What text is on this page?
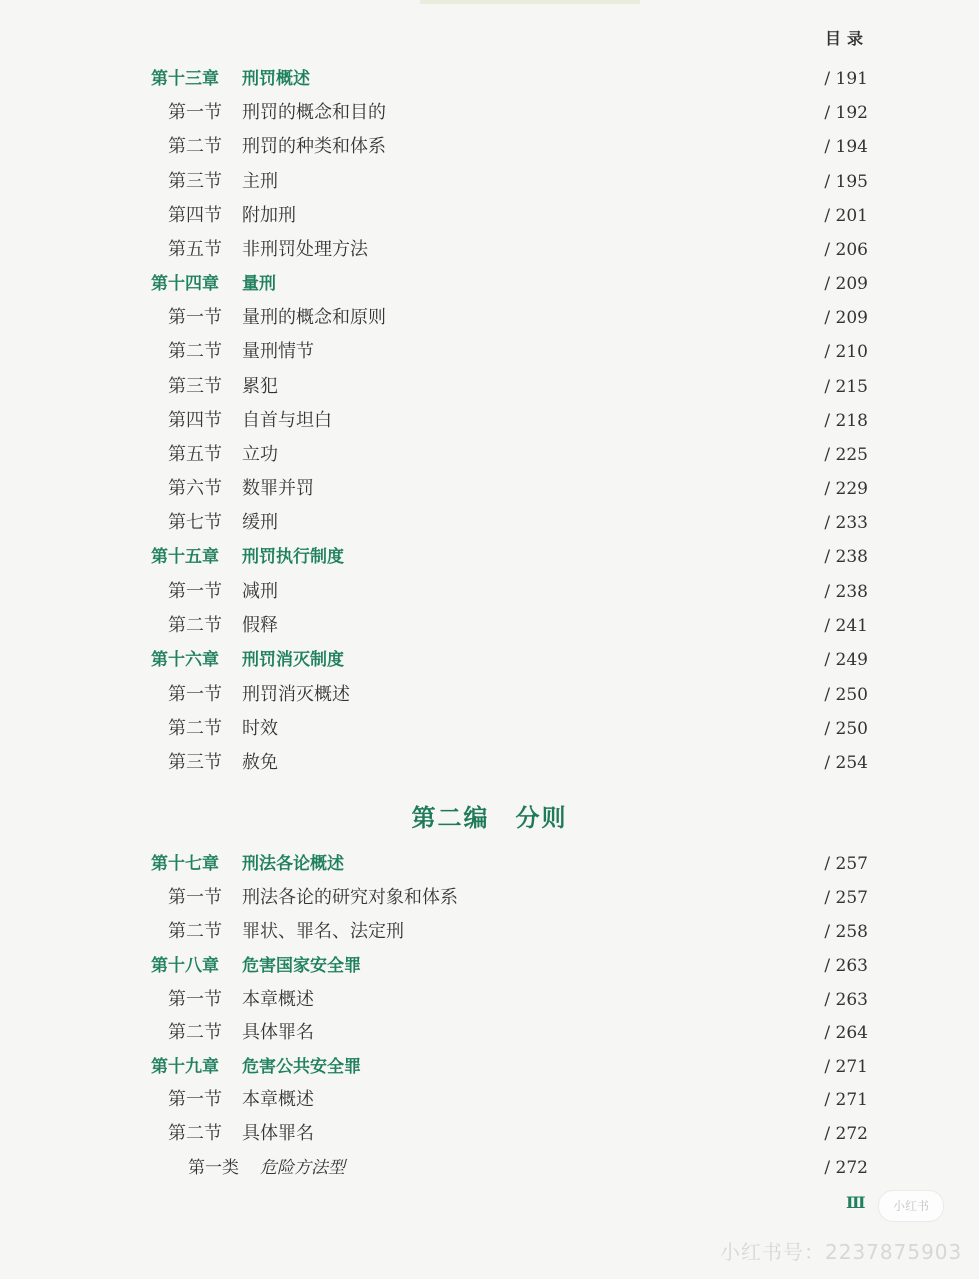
目录
第十三章 刑罚概述	/ 191
第一节 刑罚的概念和目的	/ 192
第二节 刑罚的种类和体系	/ 194
第三节 主刑	/ 195
第四节 附加刑	/ 201
第五节 非刑罚处理方法	/ 206
第十四章 量刑	/ 209
第一节 量刑的概念和原则	/ 209
第二节 量刑情节	/ 210
第三节 累犯	/ 215
第四节 自首与坦白	/ 218
第五节 立功	/ 225
第六节 数罪并罚	/ 229
第七节 缓刑	/ 233
第十五章 刑罚执行制度	/ 238
第一节 减刑	/ 238
第二节 假释	/ 241
第十六章 刑罚消灭制度	/ 249
第一节 刑罚消灭概述	/ 250
第二节 时效	/ 250
第三节 赦免	/ 254
第十七章 刑法各论概述	/ 257
第一节 刑法各论的研究对象和体系	/ 257
第二节 罪状、罪名、法定刑	/ 258
第十八章 危害国家安全罪	/ 263
第一节 本章概述	/ 263
第二节 具体罪名	/ 264
第十九章 危害公共安全罪	/ 271
第一节 本章概述	/ 271
第二节 具体罪名	/ 272
第一类 危险方法型	/ 272
第二编　分则
Ⅲ	小红书
小红书号：2237875903
